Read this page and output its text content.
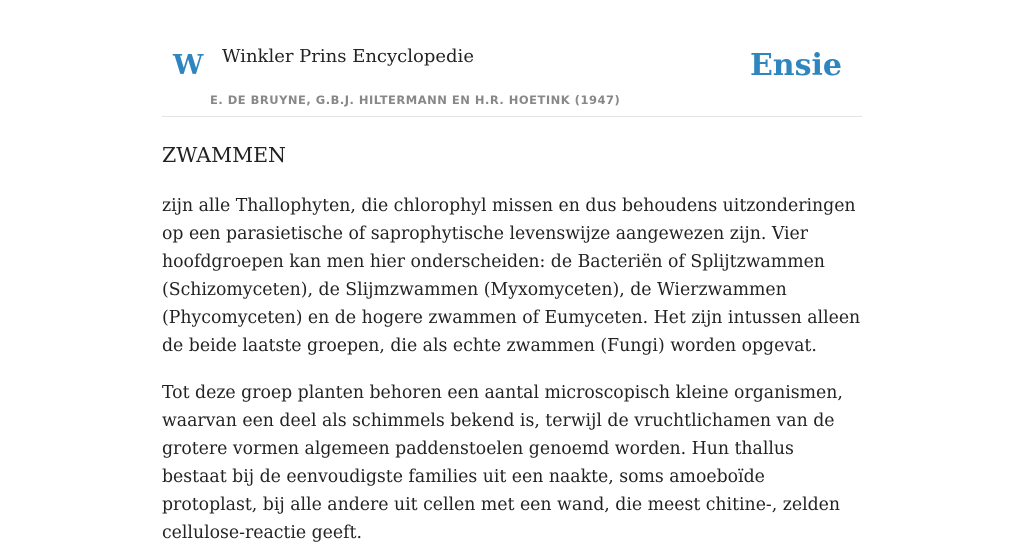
W Winkler Prins Encyclopedie
E. DE BRUYNE, G.B.J. HILTERMANN EN H.R. HOETINK (1947)
Ensie
ZWAMMEN

zijn alle Thallophyten, die chlorophyl missen en dus behoudens uitzonderingen op een parasietische of saprophytische levenswijze aangewezen zijn. Vier hoofdgroepen kan men hier onderscheiden: de Bacteriën of Splijtzwammen (Schizomyceten), de Slijmzwammen (Myxomyceten), de Wierzwammen (Phycomyceten) en de hogere zwammen of Eumyceten. Het zijn intussen alleen de beide laatste groepen, die als echte zwammen (Fungi) worden opgevat.

Tot deze groep planten behoren een aantal microscopisch kleine organismen, waarvan een deel als schimmels bekend is, terwijl de vruchtlichamen van de grotere vormen algemeen paddenstoelen genoemd worden. Hun thallus bestaat bij de eenvoudigste families uit een naakte, soms amoeboïde protoplast, bij alle andere uit cellen met een wand, die meest chitine-, zelden cellulose-reactie geeft.
